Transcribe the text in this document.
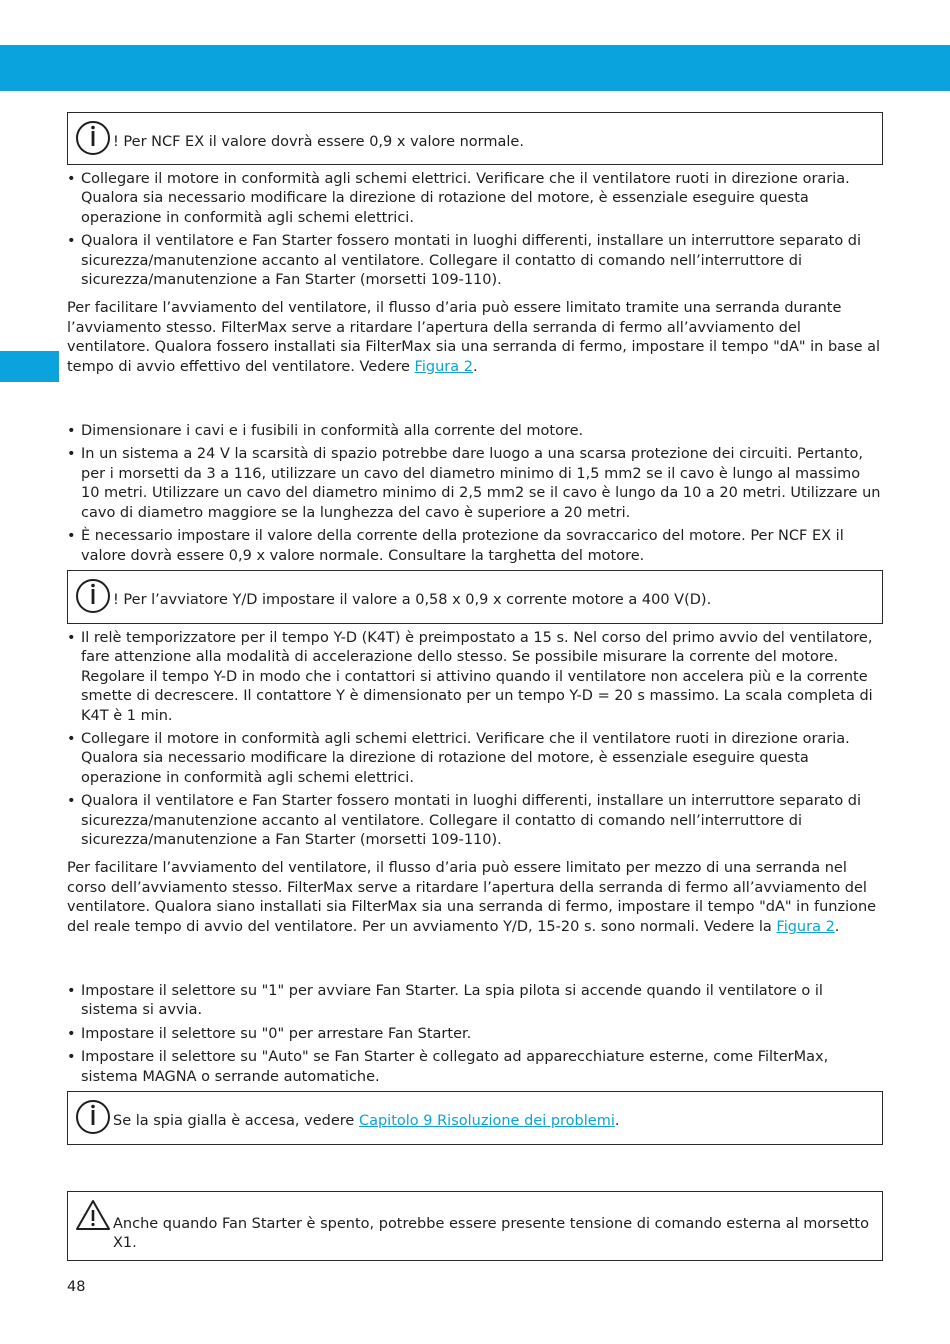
! Per NCF EX il valore dovrà essere 0,9 x valore normale.
• Collegare il motore in conformità agli schemi elettrici. Verificare che il ventilatore ruoti in direzione oraria. Qualora sia necessario modificare la direzione di rotazione del motore, è essenziale eseguire questa operazione in conformità agli schemi elettrici.
• Qualora il ventilatore e Fan Starter fossero montati in luoghi differenti, installare un interruttore separato di sicurezza/manutenzione accanto al ventilatore. Collegare il contatto di comando nell’interruttore di sicurezza/manutenzione a Fan Starter (morsetti 109-110).

Per facilitare l’avviamento del ventilatore, il flusso d’aria può essere limitato tramite una serranda durante l’avviamento stesso. FilterMax serve a ritardare l’apertura della serranda di fermo all’avviamento del ventilatore. Qualora fossero installati sia FilterMax sia una serranda di fermo, impostare il tempo "dA" in base al tempo di avvio effettivo del ventilatore. Vedere Figura 2.

• Dimensionare i cavi e i fusibili in conformità alla corrente del motore.
• In un sistema a 24 V la scarsità di spazio potrebbe dare luogo a una scarsa protezione dei circuiti. Pertanto, per i morsetti da 3 a 116, utilizzare un cavo del diametro minimo di 1,5 mm2 se il cavo è lungo al massimo 10 metri. Utilizzare un cavo del diametro minimo di 2,5 mm2 se il cavo è lungo da 10 a 20 metri. Utilizzare un cavo di diametro maggiore se la lunghezza del cavo è superiore a 20 metri.
• È necessario impostare il valore della corrente della protezione da sovraccarico del motore. Per NCF EX il valore dovrà essere 0,9 x valore normale. Consultare la targhetta del motore.
! Per l’avviatore Y/D impostare il valore a 0,58 x 0,9 x corrente motore a 400 V(D).
• Il relè temporizzatore per il tempo Y-D (K4T) è preimpostato a 15 s. Nel corso del primo avvio del ventilatore, fare attenzione alla modalità di accelerazione dello stesso. Se possibile misurare la corrente del motore. Regolare il tempo Y-D in modo che i contattori si attivino quando il ventilatore non accelera più e la corrente smette di decrescere. Il contattore Y è dimensionato per un tempo Y-D = 20 s massimo. La scala completa di K4T è 1 min.
• Collegare il motore in conformità agli schemi elettrici. Verificare che il ventilatore ruoti in direzione oraria. Qualora sia necessario modificare la direzione di rotazione del motore, è essenziale eseguire questa operazione in conformità agli schemi elettrici.
• Qualora il ventilatore e Fan Starter fossero montati in luoghi differenti, installare un interruttore separato di sicurezza/manutenzione accanto al ventilatore. Collegare il contatto di comando nell’interruttore di sicurezza/manutenzione a Fan Starter (morsetti 109-110).

Per facilitare l’avviamento del ventilatore, il flusso d’aria può essere limitato per mezzo di una serranda nel corso dell’avviamento stesso. FilterMax serve a ritardare l’apertura della serranda di fermo all’avviamento del ventilatore. Qualora siano installati sia FilterMax sia una serranda di fermo, impostare il tempo "dA" in funzione del reale tempo di avvio del ventilatore. Per un avviamento Y/D, 15-20 s. sono normali. Vedere la Figura 2.

• Impostare il selettore su "1" per avviare Fan Starter. La spia pilota si accende quando il ventilatore o il sistema si avvia.
• Impostare il selettore su "0" per arrestare Fan Starter.
• Impostare il selettore su "Auto" se Fan Starter è collegato ad apparecchiature esterne, come FilterMax, sistema MAGNA o serrande automatiche.
Se la spia gialla è accesa, vedere Capitolo 9 Risoluzione dei problemi.
Anche quando Fan Starter è spento, potrebbe essere presente tensione di comando esterna al morsetto X1.
48
